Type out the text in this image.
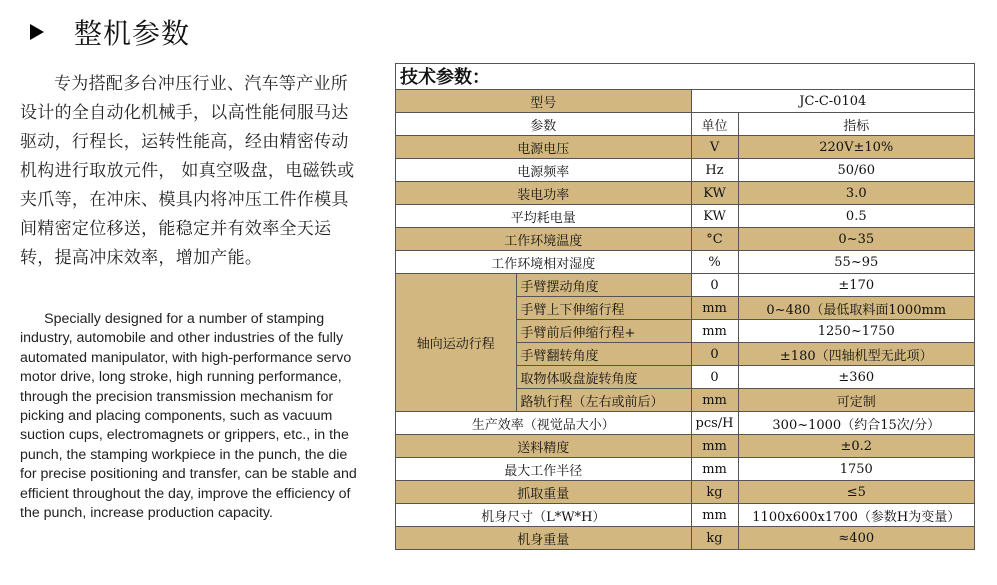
整机参数
专为搭配多台冲压行业、汽车等产业所设计的全自动化机械手，以高性能伺服马达驱动，行程长，运转性能高，经由精密传动机构进行取放元件， 如真空吸盘，电磁铁或夹爪等，在冲床、模具内将冲压工件作模具间精密定位移送，能稳定并有效率全天运转，提高冲床效率，增加产能。
Specially designed for a number of stamping industry, automobile and other industries of the fully automated manipulator, with high-performance servo motor drive, long stroke, high running performance, through the precision transmission mechanism for picking and placing components, such as vacuum suction cups, electromagnets or grippers, etc., in the punch, the stamping workpiece in the punch, the die for precise positioning and transfer, can be stable and efficient throughout the day, improve the efficiency of the punch, increase production capacity.
技术参数：
型号		JC-C-0104	
参数		单位	指标
电源电压		V	220V±10%
电源频率		Hz	50/60
装电功率		KW	3.0
平均耗电量		KW	0.5
工作环境温度		°C	0~35
工作环境相对湿度		%	55~95
轴向运动行程	手臂摆动角度	0	±170
	手臂上下伸缩行程	mm	0~480（最低取料面1000mm
	手臂前后伸缩行程+	mm	1250~1750
	手臂翻转角度	0	±180（四轴机型无此项）
	取物体吸盘旋转角度	0	±360
	路轨行程（左右或前后）	mm	可定制
生产效率（视觉品大小）		pcs/H	300~1000（约合15次/分）
送料精度		mm	±0.2
最大工作半径		mm	1750
抓取重量		kg	≤5
机身尺寸（L*W*H）		mm	1100x600x1700（参数H为变量）
机身重量		kg	≈400
